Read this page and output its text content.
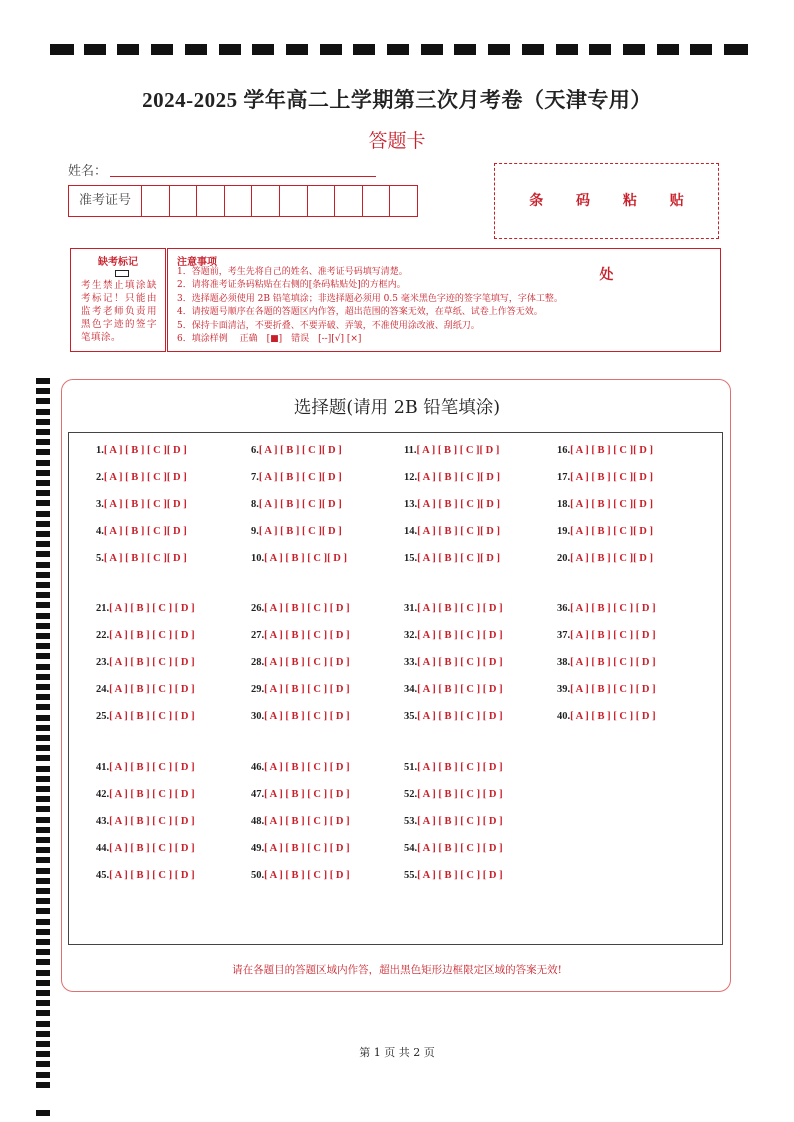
2024-2025 学年高二上学期第三次月考卷（天津专用）
答题卡
姓名：
准考证号	条 码 粘 贴 处
缺考标记
考生禁止填涂缺考标记！只能由监考老师负责用黑色字迹的签字笔填涂。
注意事项
1．答题前，考生先将自己的姓名、准考证号码填写清楚。
2．请将准考证条码粘贴在右侧的[条码粘贴处]的方框内。
3．选择题必须使用 2B 铅笔填涂；非选择题必须用 0.5 毫米黑色字迹的签字笔填写，字体工整。
4．请按题号顺序在各题的答题区内作答，超出范围的答案无效，在草纸、试卷上作答无效。
5．保持卡面清洁，不要折叠、不要弄破、弄皱，不准使用涂改液、刮纸刀。
6．填涂样例　 正确　[■]　错误　[--][√] [×]
选择题(请用 2B 铅笔填涂)
1.[ A ] [ B ] [ C ][ D ]
2.[ A ] [ B ] [ C ][ D ]
3.[ A ] [ B ] [ C ][ D ]
4.[ A ] [ B ] [ C ][ D ]
5.[ A ] [ B ] [ C ][ D ]
6.[ A ] [ B ] [ C ][ D ]
7.[ A ] [ B ] [ C ][ D ]
8.[ A ] [ B ] [ C ][ D ]
9.[ A ] [ B ] [ C ][ D ]
10.[ A ] [ B ] [ C ][ D ]
11.[ A ] [ B ] [ C ][ D ]
12.[ A ] [ B ] [ C ][ D ]
13.[ A ] [ B ] [ C ][ D ]
14.[ A ] [ B ] [ C ][ D ]
15.[ A ] [ B ] [ C ][ D ]
16.[ A ] [ B ] [ C ][ D ]
17.[ A ] [ B ] [ C ][ D ]
18.[ A ] [ B ] [ C ][ D ]
19.[ A ] [ B ] [ C ][ D ]
20.[ A ] [ B ] [ C ][ D ]
21.[ A ] [ B ] [ C ] [ D ]
22.[ A ] [ B ] [ C ] [ D ]
23.[ A ] [ B ] [ C ] [ D ]
24.[ A ] [ B ] [ C ] [ D ]
25.[ A ] [ B ] [ C ] [ D ]
26.[ A ] [ B ] [ C ] [ D ]
27.[ A ] [ B ] [ C ] [ D ]
28.[ A ] [ B ] [ C ] [ D ]
29.[ A ] [ B ] [ C ] [ D ]
30.[ A ] [ B ] [ C ] [ D ]
31.[ A ] [ B ] [ C ] [ D ]
32.[ A ] [ B ] [ C ] [ D ]
33.[ A ] [ B ] [ C ] [ D ]
34.[ A ] [ B ] [ C ] [ D ]
35.[ A ] [ B ] [ C ] [ D ]
36.[ A ] [ B ] [ C ] [ D ]
37.[ A ] [ B ] [ C ] [ D ]
38.[ A ] [ B ] [ C ] [ D ]
39.[ A ] [ B ] [ C ] [ D ]
40.[ A ] [ B ] [ C ] [ D ]
41.[ A ] [ B ] [ C ] [ D ]
42.[ A ] [ B ] [ C ] [ D ]
43.[ A ] [ B ] [ C ] [ D ]
44.[ A ] [ B ] [ C ] [ D ]
45.[ A ] [ B ] [ C ] [ D ]
46.[ A ] [ B ] [ C ] [ D ]
47.[ A ] [ B ] [ C ] [ D ]
48.[ A ] [ B ] [ C ] [ D ]
49.[ A ] [ B ] [ C ] [ D ]
50.[ A ] [ B ] [ C ] [ D ]
51.[ A ] [ B ] [ C ] [ D ]
52.[ A ] [ B ] [ C ] [ D ]
53.[ A ] [ B ] [ C ] [ D ]
54.[ A ] [ B ] [ C ] [ D ]
55.[ A ] [ B ] [ C ] [ D ]
请在各题目的答题区域内作答，超出黑色矩形边框限定区域的答案无效!
第 1 页 共 2 页
